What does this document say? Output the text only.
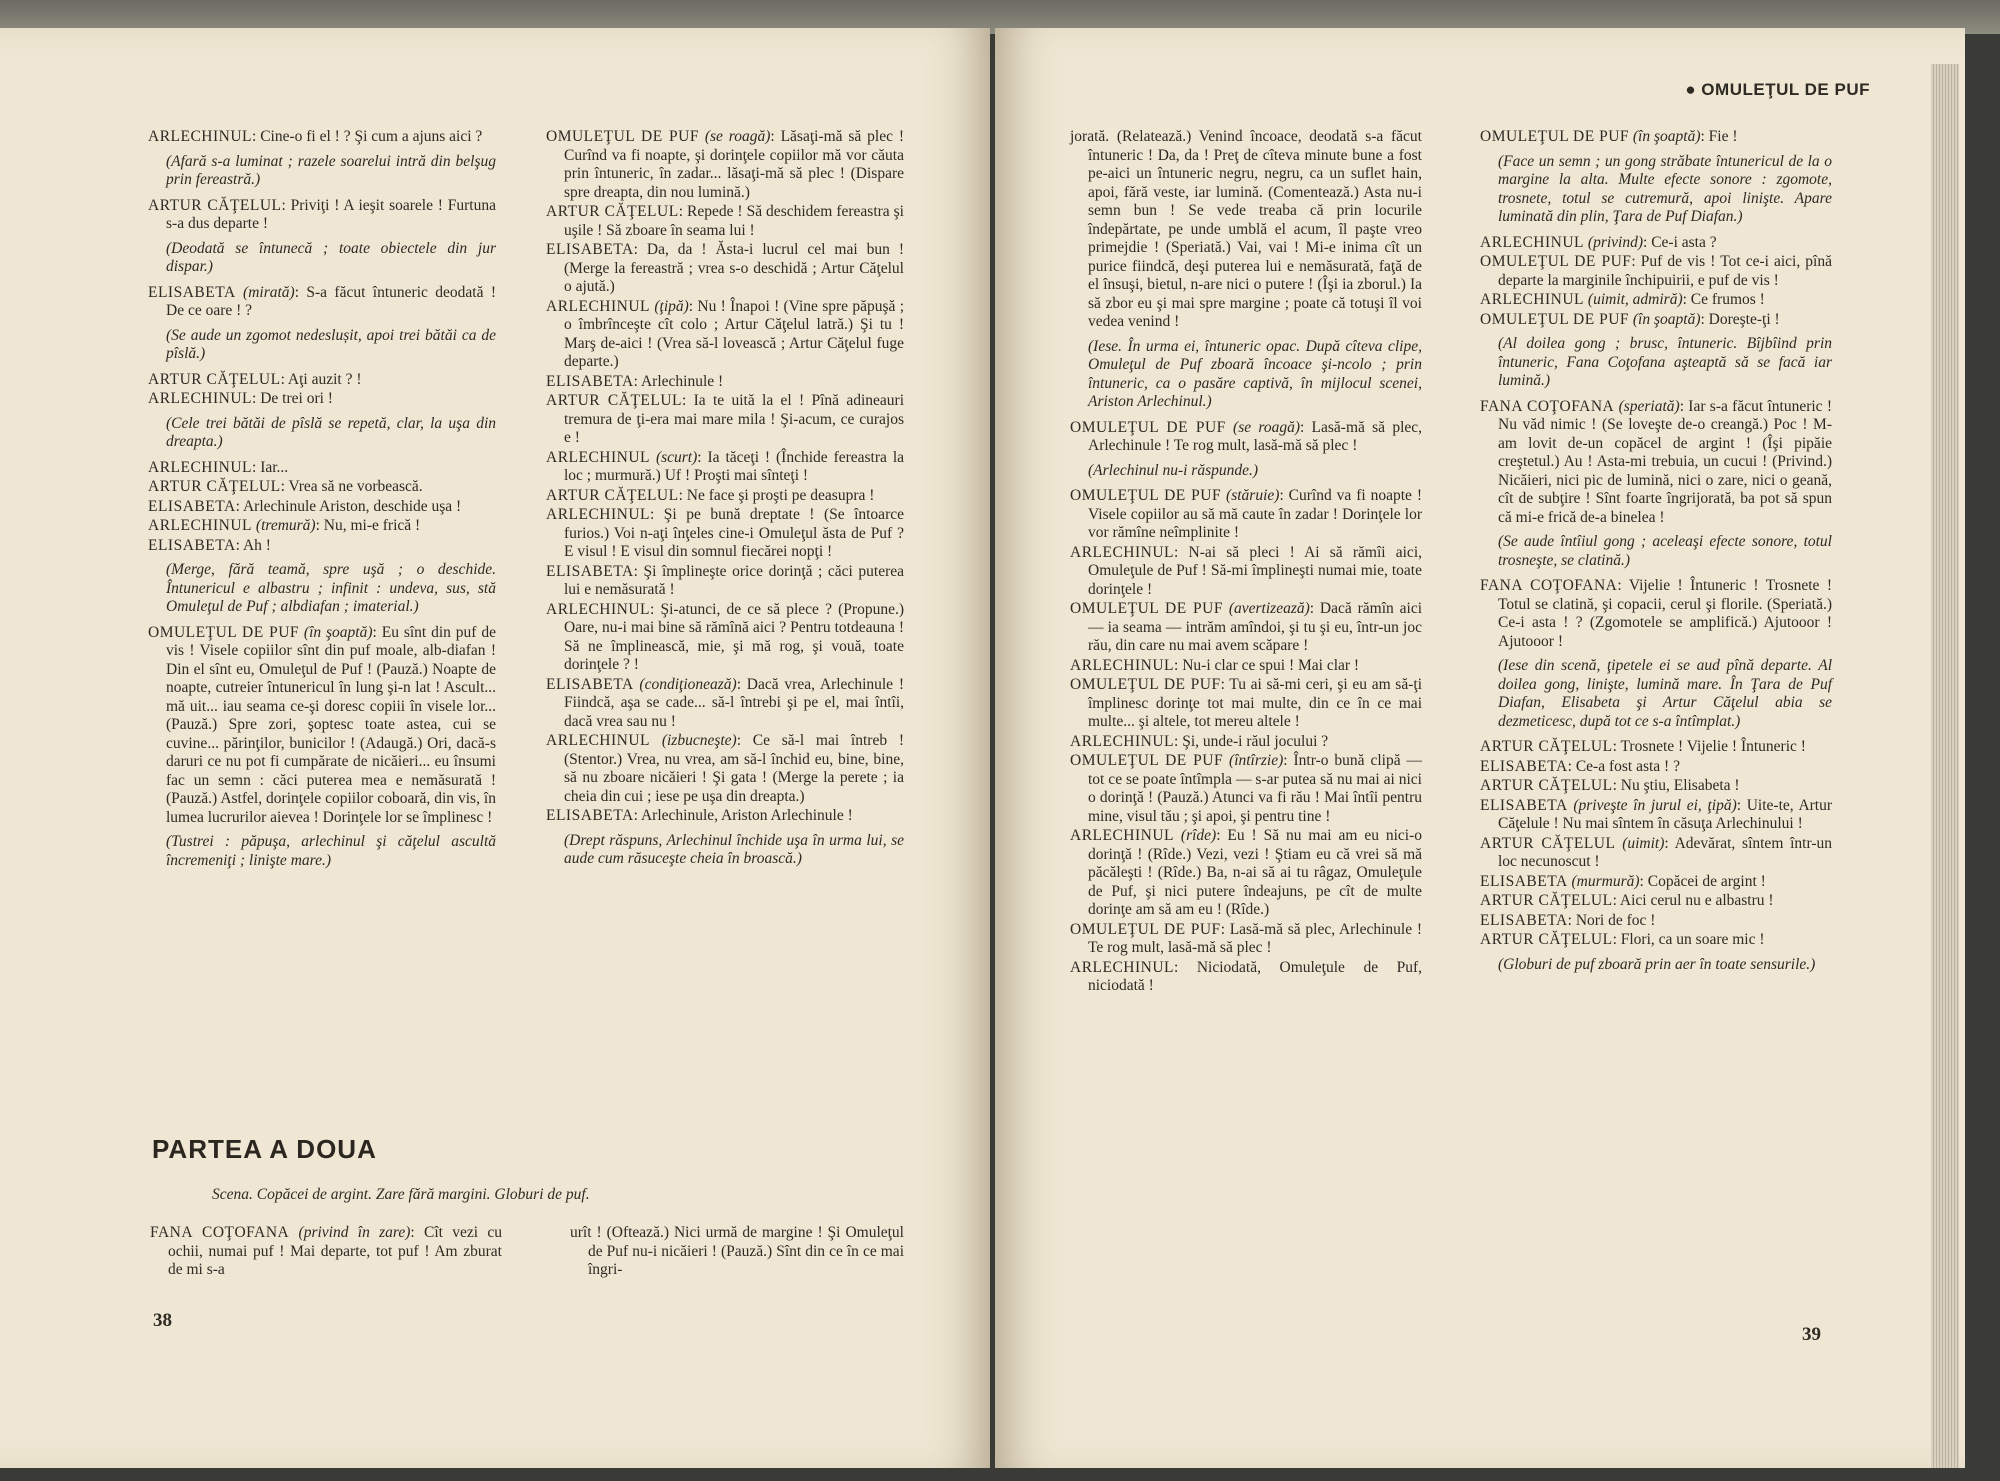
ARLECHINUL: Cine-o fi el ! ? Şi cum a ajuns aici ?

(Afară s-a luminat ; razele soarelui intră din belşug prin fereastră.)

ARTUR CĂŢELUL: Priviţi ! A ieşit soarele ! Furtuna s-a dus departe !

(Deodată se întunecă ; toate obiectele din jur dispar.)

ELISABETA (mirată): S-a făcut întuneric deodată ! De ce oare ! ?

(Se aude un zgomot nedeslușit, apoi trei bătăi ca de pîslă.)

ARTUR CĂŢELUL: Aţi auzit ? !

ARLECHINUL: De trei ori !

(Cele trei bătăi de pîslă se repetă, clar, la uşa din dreapta.)

ARLECHINUL: Iar...

ARTUR CĂŢELUL: Vrea să ne vorbească.

ELISABETA: Arlechinule Ariston, deschide uşa !

ARLECHINUL (tremură): Nu, mi-e frică !

ELISABETA: Ah !

(Merge, fără teamă, spre uşă ; o deschide. Întunericul e albastru ; infinit : undeva, sus, stă Omuleţul de Puf ; albdiafan ; imaterial.)

OMULEŢUL DE PUF (în şoaptă): Eu sînt din puf de vis ! Visele copiilor sînt din puf moale, alb-diafan ! Din el sînt eu, Omuleţul de Puf ! (Pauză.) Noapte de noapte, cutreier întunericul în lung şi-n lat ! Ascult... mă uit... iau seama ce-şi doresc copiii în visele lor... (Pauză.) Spre zori, şoptesc toate astea, cui se cuvine... părinţilor, bunicilor ! (Adaugă.) Ori, dacă-s daruri ce nu pot fi cumpărate de nicăieri... eu însumi fac un semn : căci puterea mea e nemăsurată ! (Pauză.) Astfel, dorinţele copiilor coboară, din vis, în lumea lucrurilor aievea ! Dorinţele lor se împlinesc !

(Tustrei : păpuşa, arlechinul şi căţelul ascultă încremeniţi ; linişte mare.)

OMULEŢUL DE PUF (se roagă): Lăsaţi-mă să plec ! Curînd va fi noapte, şi dorinţele copiilor mă vor căuta prin întuneric, în zadar... lăsaţi-mă să plec ! (Dispare spre dreapta, din nou lumină.)

ARTUR CĂŢELUL: Repede ! Să deschidem fereastra şi uşile ! Să zboare în seama lui !

ELISABETA: Da, da ! Ăsta-i lucrul cel mai bun ! (Merge la fereastră ; vrea s-o deschidă ; Artur Căţelul o ajută.)

ARLECHINUL (ţipă): Nu ! Înapoi ! (Vine spre păpuşă ; o îmbrînceşte cît colo ; Artur Căţelul latră.) Şi tu ! Marş de-aici ! (Vrea să-l lovească ; Artur Căţelul fuge departe.)

ELISABETA: Arlechinule !

ARTUR CĂŢELUL: Ia te uită la el ! Pînă adineauri tremura de ţi-era mai mare mila ! Şi-acum, ce curajos e !

ARLECHINUL (scurt): Ia tăceţi ! (Închide fereastra la loc ; murmură.) Uf ! Proşti mai sînteţi !

ARTUR CĂŢELUL: Ne face şi proşti pe deasupra !

ARLECHINUL: Şi pe bună dreptate ! (Se întoarce furios.) Voi n-aţi înţeles cine-i Omuleţul ăsta de Puf ? E visul ! E visul din somnul fiecărei nopţi !

ELISABETA: Şi împlineşte orice dorinţă ; căci puterea lui e nemăsurată !

ARLECHINUL: Şi-atunci, de ce să plece ? (Propune.) Oare, nu-i mai bine să rămînă aici ? Pentru totdeauna ! Să ne împlinească, mie, şi mă rog, şi vouă, toate dorinţele ? !

ELISABETA (condiţionează): Dacă vrea, Arlechinule ! Fiindcă, aşa se cade... să-l întrebi şi pe el, mai întîi, dacă vrea sau nu !

ARLECHINUL (izbucneşte): Ce să-l mai întreb ! (Stentor.) Vrea, nu vrea, am să-l închid eu, bine, bine, să nu zboare nicăieri ! Şi gata ! (Merge la perete ; ia cheia din cui ; iese pe uşa din dreapta.)

ELISABETA: Arlechinule, Ariston Arlechinule !

(Drept răspuns, Arlechinul închide uşa în urma lui, se aude cum răsuceşte cheia în broască.)

PARTEA A DOUA
Scena. Copăcei de argint. Zare fără margini. Globuri de puf.

FANA COŢOFANA (privind în zare): Cît vezi cu ochii, numai puf ! Mai departe, tot puf ! Am zburat de mi s-a

urît ! (Oftează.) Nici urmă de margine ! Şi Omuleţul de Puf nu-i nicăieri ! (Pauză.) Sînt din ce în ce mai îngri-

38
● OMULEŢUL DE PUF

jorată. (Relatează.) Venind încoace, deodată s-a făcut întuneric ! Da, da ! Preţ de cîteva minute bune a fost pe-aici un întuneric negru, negru, ca un suflet hain, apoi, fără veste, iar lumină. (Comentează.) Asta nu-i semn bun ! Se vede treaba că prin locurile îndepărtate, pe unde umblă el acum, îl paşte vreo primejdie ! (Speriată.) Vai, vai ! Mi-e inima cît un purice fiindcă, deşi puterea lui e nemăsurată, faţă de el însuşi, bietul, n-are nici o putere ! (Îşi ia zborul.) Ia să zbor eu şi mai spre margine ; poate că totuşi îl voi vedea venind !

(Iese. În urma ei, întuneric opac. După cîteva clipe, Omuleţul de Puf zboară încoace şi-ncolo ; prin întuneric, ca o pasăre captivă, în mijlocul scenei, Ariston Arlechinul.)

OMULEŢUL DE PUF (se roagă): Lasă-mă să plec, Arlechinule ! Te rog mult, lasă-mă să plec !

(Arlechinul nu-i răspunde.)

OMULEŢUL DE PUF (stăruie): Curînd va fi noapte ! Visele copiilor au să mă caute în zadar ! Dorinţele lor vor rămîne neîmplinite !

ARLECHINUL: N-ai să pleci ! Ai să rămîi aici, Omuleţule de Puf ! Să-mi împlineşti numai mie, toate dorinţele !

OMULEŢUL DE PUF (avertizează): Dacă rămîn aici — ia seama — intrăm amîndoi, şi tu şi eu, într-un joc rău, din care nu mai avem scăpare !

ARLECHINUL: Nu-i clar ce spui ! Mai clar !

OMULEŢUL DE PUF: Tu ai să-mi ceri, şi eu am să-ţi împlinesc dorinţe tot mai multe, din ce în ce mai multe... şi altele, tot mereu altele !

ARLECHINUL: Şi, unde-i răul jocului ?

OMULEŢUL DE PUF (întîrzie): Într-o bună clipă — tot ce se poate întîmpla — s-ar putea să nu mai ai nici o dorinţă ! (Pauză.) Atunci va fi rău ! Mai întîi pentru mine, visul tău ; şi apoi, şi pentru tine !

ARLECHINUL (rîde): Eu ! Să nu mai am eu nici-o dorinţă ! (Rîde.) Vezi, vezi ! Ştiam eu că vrei să mă păcăleşti ! (Rîde.) Ba, n-ai să ai tu râgaz, Omuleţule de Puf, şi nici putere îndeajuns, pe cît de multe dorinţe am să am eu ! (Rîde.)

OMULEŢUL DE PUF: Lasă-mă să plec, Arlechinule ! Te rog mult, lasă-mă să plec !

ARLECHINUL: Niciodată, Omuleţule de Puf, niciodată !

OMULEŢUL DE PUF (în şoaptă): Fie !

(Face un semn ; un gong străbate întunericul de la o margine la alta. Multe efecte sonore : zgomote, trosnete, totul se cutremură, apoi linişte. Apare luminată din plin, Ţara de Puf Diafan.)

ARLECHINUL (privind): Ce-i asta ?

OMULEŢUL DE PUF: Puf de vis ! Tot ce-i aici, pînă departe la marginile închipuirii, e puf de vis !

ARLECHINUL (uimit, admiră): Ce frumos !

OMULEŢUL DE PUF (în şoaptă): Doreşte-ţi !

(Al doilea gong ; brusc, întuneric. Bîjbîind prin întuneric, Fana Coţofana aşteaptă să se facă iar lumină.)

FANA COŢOFANA (speriată): Iar s-a făcut întuneric ! Nu văd nimic ! (Se loveşte de-o creangă.) Poc ! M-am lovit de-un copăcel de argint ! (Îşi pipăie creştetul.) Au ! Asta-mi trebuia, un cucui ! (Privind.) Nicăieri, nici pic de lumină, nici o zare, nici o geană, cît de subţire ! Sînt foarte îngrijorată, ba pot să spun că mi-e frică de-a binelea !

(Se aude întîiul gong ; aceleaşi efecte sonore, totul trosneşte, se clatină.)

FANA COŢOFANA: Vijelie ! Întuneric ! Trosnete ! Totul se clatină, şi copacii, cerul şi florile. (Speriată.) Ce-i asta ! ? (Zgomotele se amplifică.) Ajutooor ! Ajutooor !

(Iese din scenă, ţipetele ei se aud pînă departe. Al doilea gong, linişte, lumină mare. În Ţara de Puf Diafan, Elisabeta şi Artur Căţelul abia se dezmeticesc, după tot ce s-a întîmplat.)

ARTUR CĂŢELUL: Trosnete ! Vijelie ! Întuneric !

ELISABETA: Ce-a fost asta ! ?

ARTUR CĂŢELUL: Nu ştiu, Elisabeta !

ELISABETA (priveşte în jurul ei, ţipă): Uite-te, Artur Căţelule ! Nu mai sîntem în căsuţa Arlechinului !

ARTUR CĂŢELUL (uimit): Adevărat, sîntem într-un loc necunoscut !

ELISABETA (murmură): Copăcei de argint !

ARTUR CĂŢELUL: Aici cerul nu e albastru !

ELISABETA: Nori de foc !

ARTUR CĂŢELUL: Flori, ca un soare mic !

(Globuri de puf zboară prin aer în toate sensurile.)

39
